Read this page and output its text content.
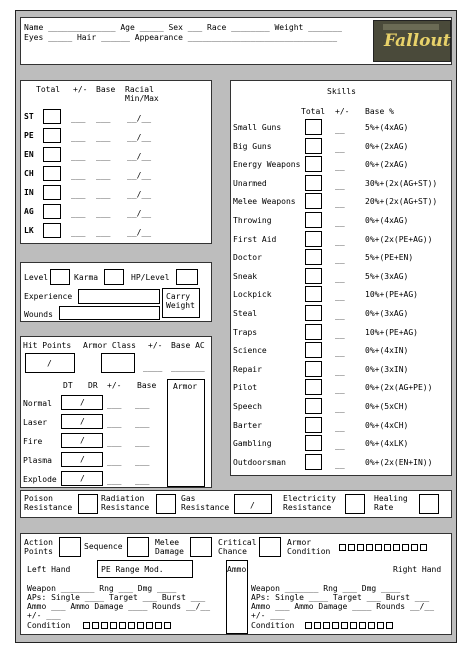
Name ______________ Age _____ Sex ___ Race ________ Weight _______
Eyes _____ Hair ______ Appearance _______________________________	Fallout
Total +/- Base Racial Min/Max
ST	___ ___ __/__
PE	___ ___ __/__
EN	___ ___ __/__
CH	___ ___ __/__
IN	___ ___ __/__
AG	___ ___ __/__
LK	___ ___ __/__
Level	Karma	HP/Level
Experience	Carry Weight
Wounds
Hit Points Armor Class +/- Base AC
/	____ _______
DT DR +/- Base Armor
Normal	/	___ ___
Laser	/	___ ___
Fire	/	___ ___
Plasma	/	___ ___
Explode	/	___ ___
Skills
Total +/- Base %
Small Guns	__	5%+(4xAG)
Big Guns	__	0%+(2xAG)
Energy Weapons	__	0%+(2xAG)
Unarmed	__	30%+(2x(AG+ST))
Melee Weapons	__	20%+(2x(AG+ST))
Throwing	__	0%+(4xAG)
First Aid	__	0%+(2x(PE+AG))
Doctor	__	5%+(PE+EN)
Sneak	__	5%+(3xAG)
Lockpick	__	10%+(PE+AG)
Steal	__	0%+(3xAG)
Traps	__	10%+(PE+AG)
Science	__	0%+(4xIN)
Repair	__	0%+(3xIN)
Pilot	__	0%+(2x(AG+PE))
Speech	__	0%+(5xCH)
Barter	__	0%+(4xCH)
Gambling	__	0%+(4xLK)
Outdoorsman	__	0%+(2x(EN+IN))
Poison Resistance
Radiation Resistance
Gas Resistance	/
Electricity Resistance
Healing Rate
Action Points
Sequence	Melee Damage
Critical Chance
Armor Condition
Left Hand	Right Hand
PE Range Mod.	Ammo
Weapon _______ Rng ___ Dmg ____
APs: Single ____ Target ___ Burst ___
Ammo ___ Ammo Damage ____ Rounds __/__
+/- ___
Condition
Weapon _______ Rng ___ Dmg ____
APs: Single ____ Target ___ Burst ___
Ammo ___ Ammo Damage ____ Rounds __/__
+/- ___
Condition
